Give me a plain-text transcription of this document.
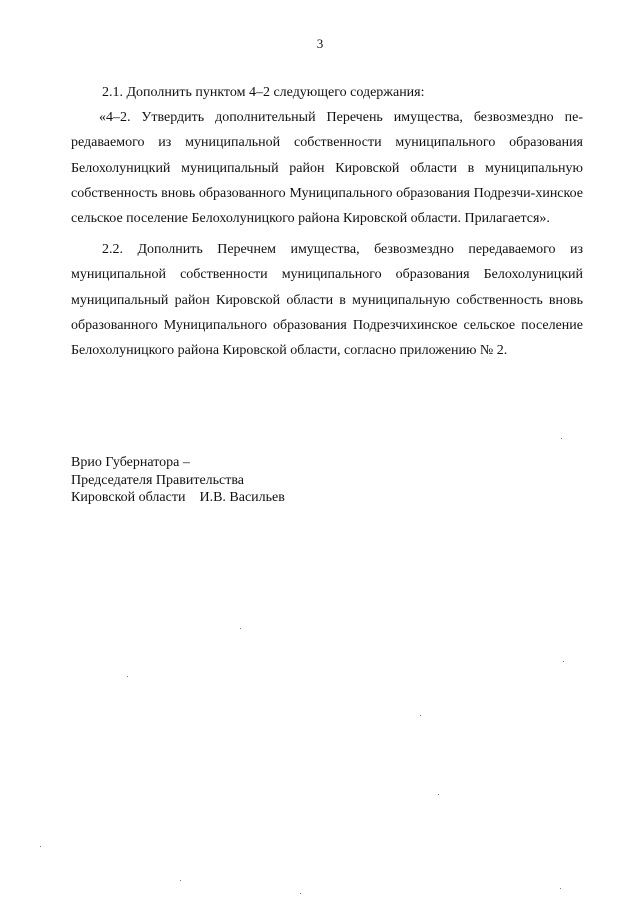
3

2.1. Дополнить пунктом 4–2 следующего содержания:

«4–2. Утвердить дополнительный Перечень имущества, безвозмездно пе-редаваемого из муниципальной собственности муниципального образования Белохолуницкий муниципальный район Кировской области в муниципальную собственность вновь образованного Муниципального образования Подрезчи-хинское сельское поселение Белохолуницкого района Кировской области. Прилагается».

2.2. Дополнить Перечнем имущества, безвозмездно передаваемого из муниципальной собственности муниципального образования Белохолуницкий муниципальный район Кировской области в муниципальную собственность вновь образованного Муниципального образования Подрезчихинское сельское поселение Белохолуницкого района Кировской области, согласно приложению № 2.

Врио Губернатора –
Председателя Правительства
Кировской области    И.В. Васильев
